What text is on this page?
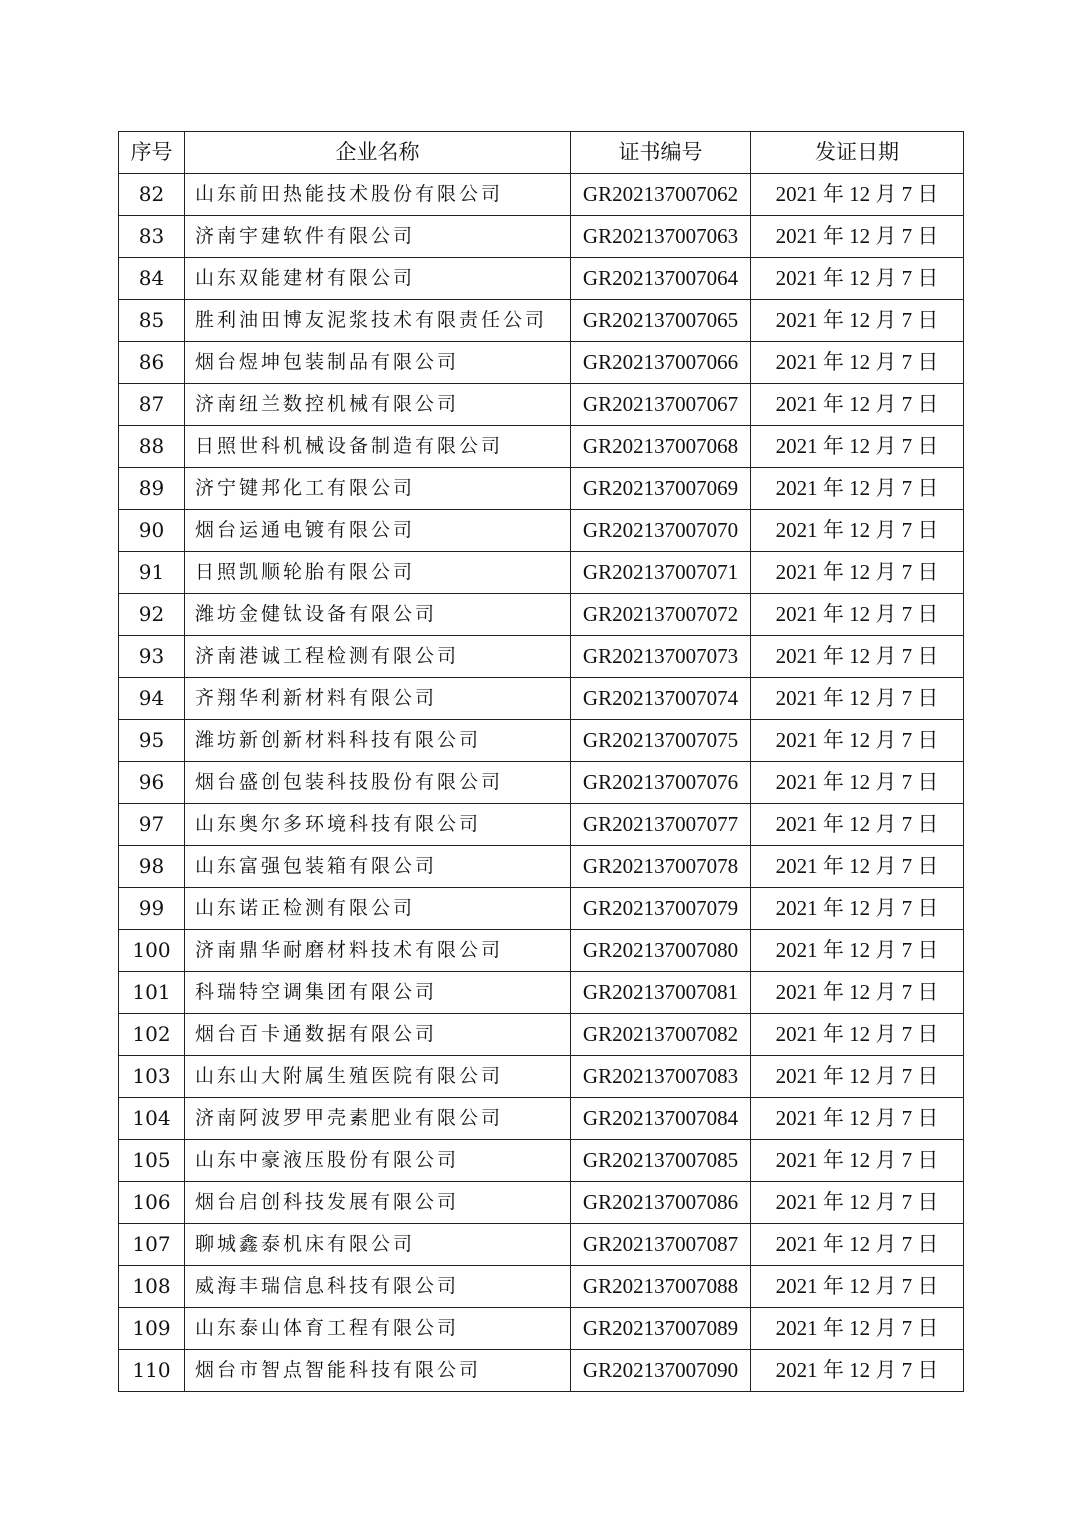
序号	企业名称	证书编号	发证日期
82	山东前田热能技术股份有限公司	GR202137007062	2021 年 12 月 7 日
83	济南宇建软件有限公司	GR202137007063	2021 年 12 月 7 日
84	山东双能建材有限公司	GR202137007064	2021 年 12 月 7 日
85	胜利油田博友泥浆技术有限责任公司	GR202137007065	2021 年 12 月 7 日
86	烟台煜坤包装制品有限公司	GR202137007066	2021 年 12 月 7 日
87	济南纽兰数控机械有限公司	GR202137007067	2021 年 12 月 7 日
88	日照世科机械设备制造有限公司	GR202137007068	2021 年 12 月 7 日
89	济宁键邦化工有限公司	GR202137007069	2021 年 12 月 7 日
90	烟台运通电镀有限公司	GR202137007070	2021 年 12 月 7 日
91	日照凯顺轮胎有限公司	GR202137007071	2021 年 12 月 7 日
92	潍坊金健钛设备有限公司	GR202137007072	2021 年 12 月 7 日
93	济南港诚工程检测有限公司	GR202137007073	2021 年 12 月 7 日
94	齐翔华利新材料有限公司	GR202137007074	2021 年 12 月 7 日
95	潍坊新创新材料科技有限公司	GR202137007075	2021 年 12 月 7 日
96	烟台盛创包装科技股份有限公司	GR202137007076	2021 年 12 月 7 日
97	山东奥尔多环境科技有限公司	GR202137007077	2021 年 12 月 7 日
98	山东富强包装箱有限公司	GR202137007078	2021 年 12 月 7 日
99	山东诺正检测有限公司	GR202137007079	2021 年 12 月 7 日
100	济南鼎华耐磨材料技术有限公司	GR202137007080	2021 年 12 月 7 日
101	科瑞特空调集团有限公司	GR202137007081	2021 年 12 月 7 日
102	烟台百卡通数据有限公司	GR202137007082	2021 年 12 月 7 日
103	山东山大附属生殖医院有限公司	GR202137007083	2021 年 12 月 7 日
104	济南阿波罗甲壳素肥业有限公司	GR202137007084	2021 年 12 月 7 日
105	山东中豪液压股份有限公司	GR202137007085	2021 年 12 月 7 日
106	烟台启创科技发展有限公司	GR202137007086	2021 年 12 月 7 日
107	聊城鑫泰机床有限公司	GR202137007087	2021 年 12 月 7 日
108	威海丰瑞信息科技有限公司	GR202137007088	2021 年 12 月 7 日
109	山东泰山体育工程有限公司	GR202137007089	2021 年 12 月 7 日
110	烟台市智点智能科技有限公司	GR202137007090	2021 年 12 月 7 日
